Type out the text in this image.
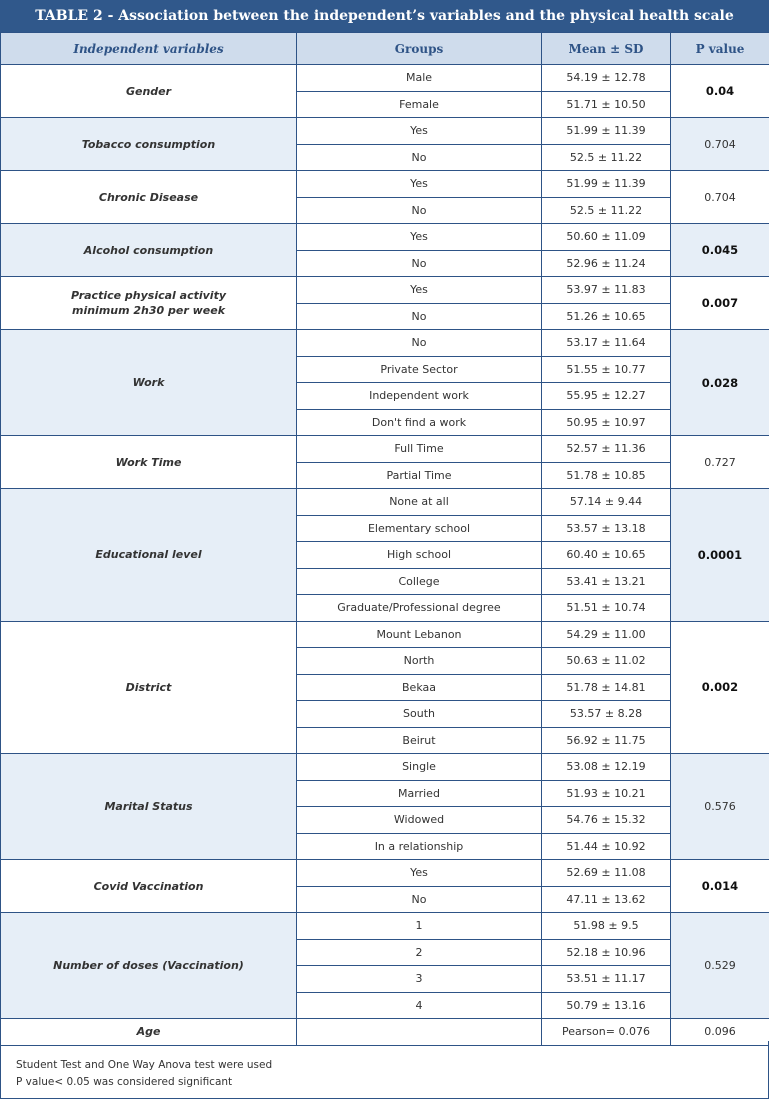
TABLE 2 - Association between the independent’s variables and the physical health scale
Independent variables	Groups	Mean ± SD	P value
Gender	Male	54.19 ± 12.78	0.04
	Female	51.71 ± 10.50	
Tobacco consumption	Yes	51.99 ± 11.39	0.704
	No	52.5 ± 11.22	
Chronic Disease	Yes	51.99 ± 11.39	0.704
	No	52.5 ± 11.22	
Alcohol consumption	Yes	50.60 ± 11.09	0.045
	No	52.96 ± 11.24	
Practice physical activity minimum 2h30 per week	Yes	53.97 ± 11.83	0.007
	No	51.26 ± 10.65	
Work	No	53.17 ± 11.64	0.028
	Private Sector	51.55 ± 10.77	
	Independent work	55.95 ± 12.27	
	Don't find a work	50.95 ± 10.97	
Work Time	Full Time	52.57 ± 11.36	0.727
	Partial Time	51.78 ± 10.85	
Educational level	None at all	57.14 ± 9.44	0.0001
	Elementary school	53.57 ± 13.18	
	High school	60.40 ± 10.65	
	College	53.41 ± 13.21	
	Graduate/Professional degree	51.51 ± 10.74	
District	Mount Lebanon	54.29 ± 11.00	0.002
	North	50.63 ± 11.02	
	Bekaa	51.78 ± 14.81	
	South	53.57 ± 8.28	
	Beirut	56.92 ± 11.75	
Marital Status	Single	53.08 ± 12.19	0.576
	Married	51.93 ± 10.21	
	Widowed	54.76 ± 15.32	
	In a relationship	51.44 ± 10.92	
Covid Vaccination	Yes	52.69 ± 11.08	0.014
	No	47.11 ± 13.62	
Number of doses (Vaccination)	1	51.98 ± 9.5	0.529
	2	52.18 ± 10.96	
	3	53.51 ± 11.17	
	4	50.79 ± 13.16	
Age		Pearson= 0.076	0.096
Student Test and One Way Anova test were used
P value< 0.05 was considered significant
